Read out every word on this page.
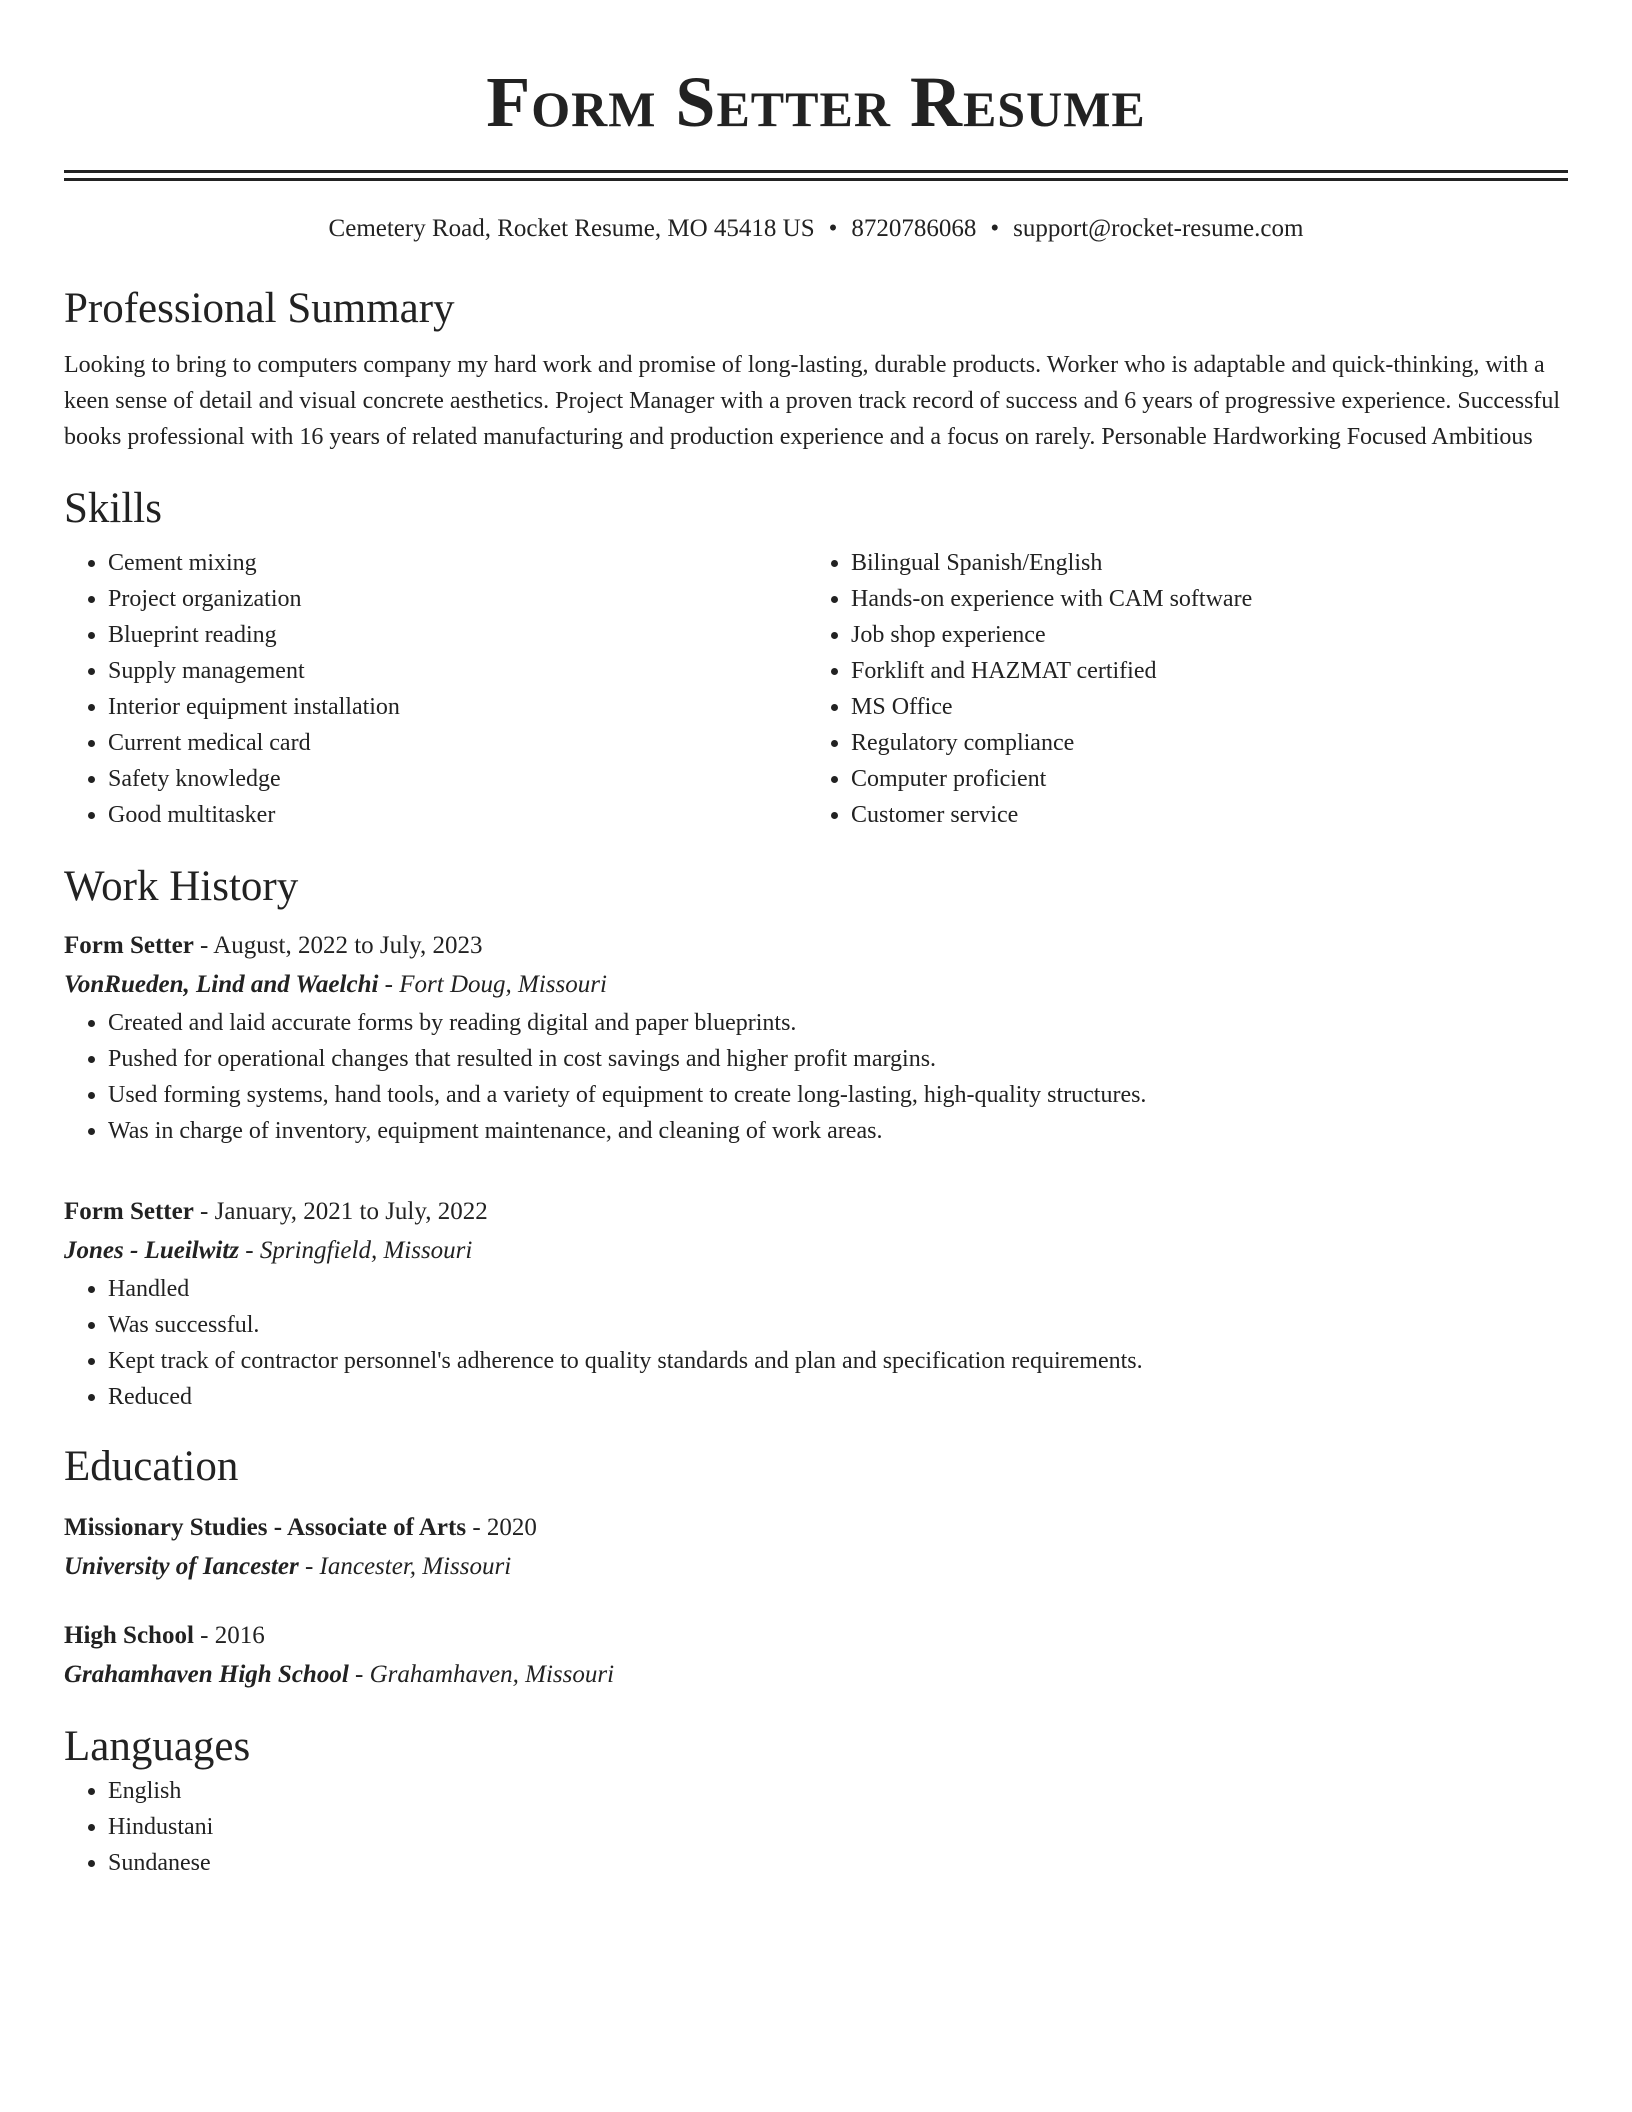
Form Setter Resume
Cemetery Road, Rocket Resume, MO 45418 US • 8720786068 • support@rocket-resume.com
Professional Summary
Looking to bring to computers company my hard work and promise of long-lasting, durable products. Worker who is adaptable and quick-thinking, with a keen sense of detail and visual concrete aesthetics. Project Manager with a proven track record of success and 6 years of progressive experience. Successful books professional with 16 years of related manufacturing and production experience and a focus on rarely. Personable Hardworking Focused Ambitious
Skills
• Cement mixing
• Project organization
• Blueprint reading
• Supply management
• Interior equipment installation
• Current medical card
• Safety knowledge
• Good multitasker
• Bilingual Spanish/English
• Hands-on experience with CAM software
• Job shop experience
• Forklift and HAZMAT certified
• MS Office
• Regulatory compliance
• Computer proficient
• Customer service
Work History
Form Setter - August, 2022 to July, 2023
VonRueden, Lind and Waelchi - Fort Doug, Missouri
• Created and laid accurate forms by reading digital and paper blueprints.
• Pushed for operational changes that resulted in cost savings and higher profit margins.
• Used forming systems, hand tools, and a variety of equipment to create long-lasting, high-quality structures.
• Was in charge of inventory, equipment maintenance, and cleaning of work areas.
Form Setter - January, 2021 to July, 2022
Jones - Lueilwitz - Springfield, Missouri
• Handled
• Was successful.
• Kept track of contractor personnel's adherence to quality standards and plan and specification requirements.
• Reduced
Education
Missionary Studies - Associate of Arts - 2020
University of Iancester - Iancester, Missouri
High School - 2016
Grahamhaven High School - Grahamhaven, Missouri
Languages
• English
• Hindustani
• Sundanese
